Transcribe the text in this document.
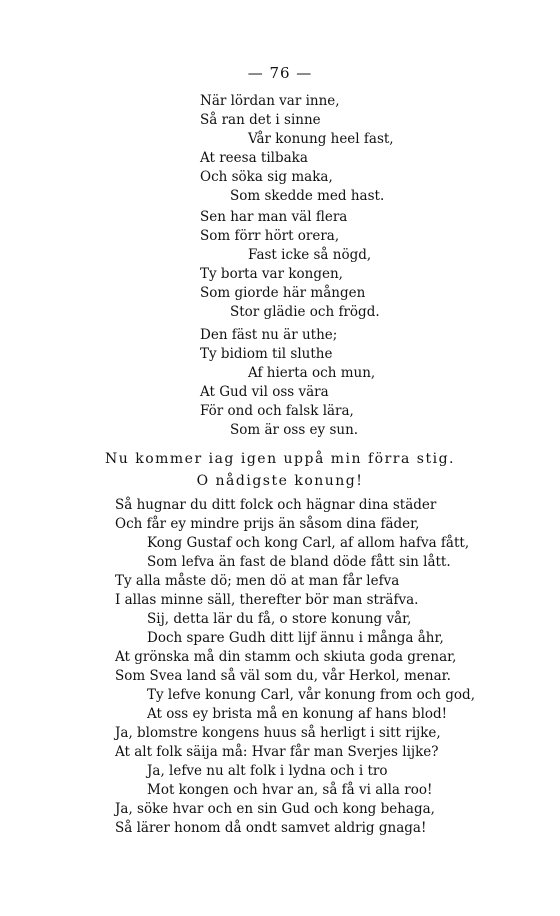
— 76 —
När lördan var inne,
Så ran det i sinne
Vår konung heel fast,
At reesa tilbaka
Och söka sig maka,
Som skedde med hast.
Sen har man väl flera
Som förr hört orera,
Fast icke så nögd,
Ty borta var kongen,
Som giorde här mången
Stor glädie och frögd.
Den fäst nu är uthe;
Ty bidiom til sluthe
Af hierta och mun,
At Gud vil oss vära
För ond och falsk lära,
Som är oss ey sun.
Nu kommer iag igen uppå min förra stig.
O nådigste konung!
Så hugnar du ditt folck och hägnar dina städer
Och får ey mindre prijs än såsom dina fäder,
Kong Gustaf och kong Carl, af allom hafva fått,
Som lefva än fast de bland döde fått sin lått.
Ty alla måste dö; men dö at man får lefva
I allas minne säll, therefter bör man sträfva.
Sij, detta lär du få, o store konung vår,
Doch spare Gudh ditt lijf ännu i många åhr,
At grönska må din stamm och skiuta goda grenar,
Som Svea land så väl som du, vår Herkol, menar.
Ty lefve konung Carl, vår konung from och god,
At oss ey brista må en konung af hans blod!
Ja, blomstre kongens huus så herligt i sitt rijke,
At alt folk säija må: Hvar får man Sverjes lijke?
Ja, lefve nu alt folk i lydna och i tro
Mot kongen och hvar an, så få vi alla roo!
Ja, söke hvar och en sin Gud och kong behaga,
Så lärer honom då ondt samvet aldrig gnaga!
